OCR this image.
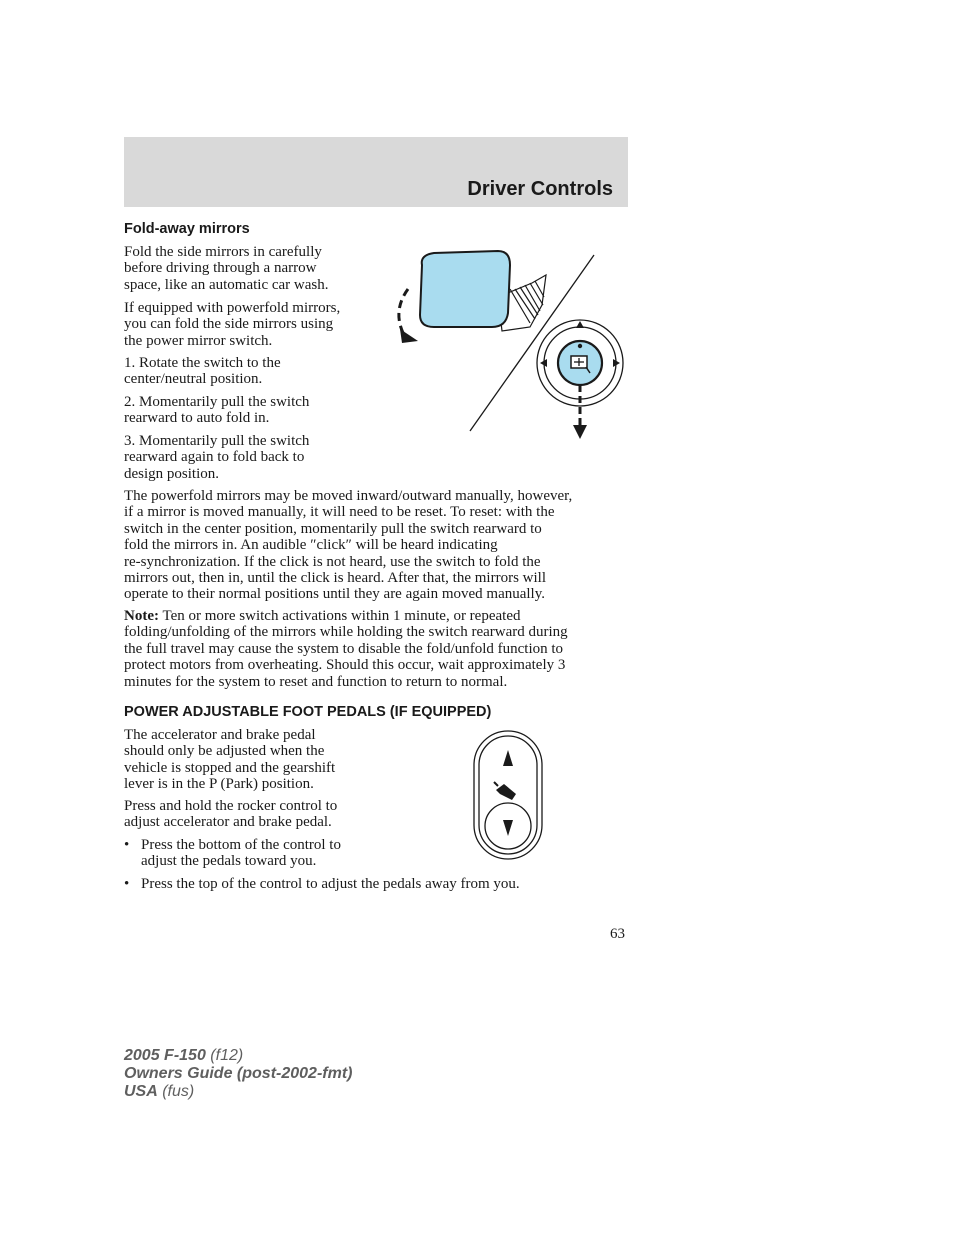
Driver Controls
Fold-away mirrors

Fold the side mirrors in carefully

before driving through a narrow

space, like an automatic car wash.

If equipped with powerfold mirrors,

you can fold the side mirrors using

the power mirror switch.

1. Rotate the switch to the

center/neutral position.

2. Momentarily pull the switch

rearward to auto fold in.

3. Momentarily pull the switch

rearward again to fold back to

design position.

The powerfold mirrors may be moved inward/outward manually, however,

if a mirror is moved manually, it will need to be reset. To reset: with the

switch in the center position, momentarily pull the switch rearward to

fold the mirrors in. An audible ″click″ will be heard indicating

re-synchronization. If the click is not heard, use the switch to fold the

mirrors out, then in, until the click is heard. After that, the mirrors will

operate to their normal positions until they are again moved manually.

Note: Ten or more switch activations within 1 minute, or repeated

folding/unfolding of the mirrors while holding the switch rearward during

the full travel may cause the system to disable the fold/unfold function to

protect motors from overheating. Should this occur, wait approximately 3

minutes for the system to reset and function to return to normal.

POWER ADJUSTABLE FOOT PEDALS (IF EQUIPPED)

The accelerator and brake pedal

should only be adjusted when the

vehicle is stopped and the gearshift

lever is in the P (Park) position.

Press and hold the rocker control to

adjust accelerator and brake pedal.

• Press the bottom of the control to

adjust the pedals toward you.

• Press the top of the control to adjust the pedals away from you.

63
2005 F-150 (f12)
Owners Guide (post-2002-fmt)
USA (fus)
